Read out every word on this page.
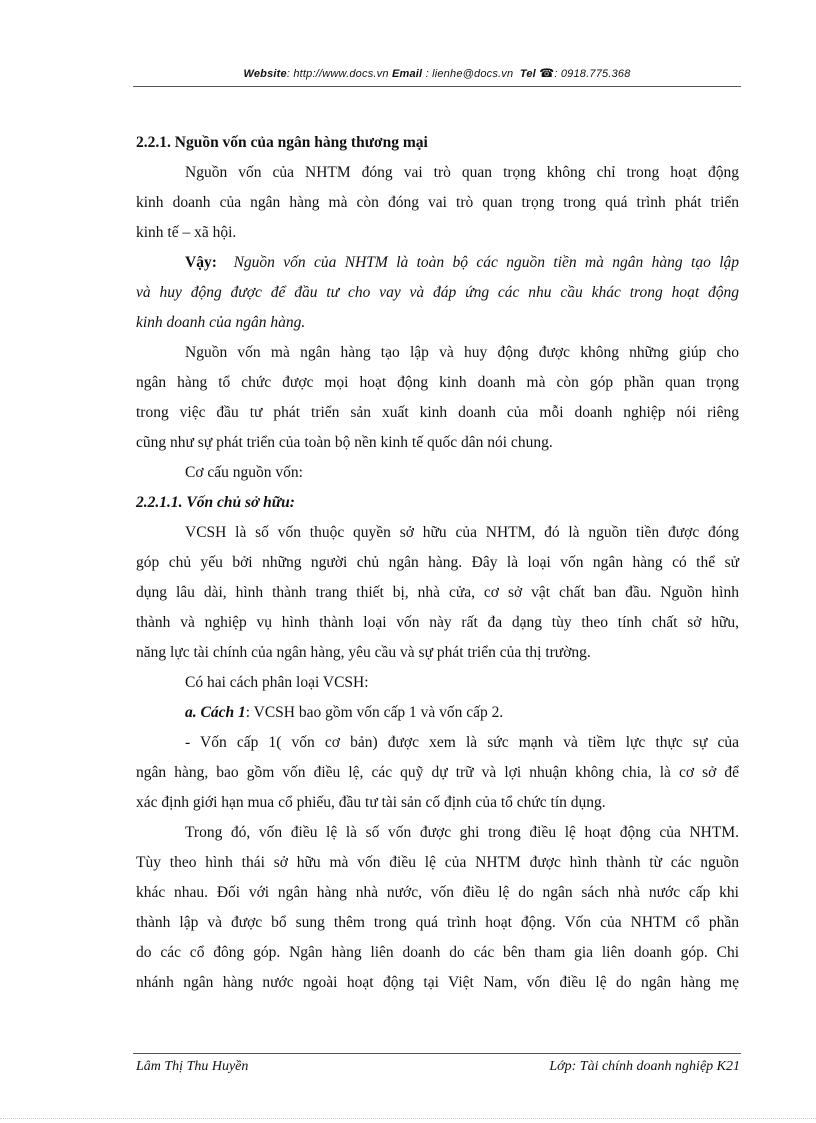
Website: http://www.docs.vn Email : lienhe@docs.vn Tel ☎: 0918.775.368
2.2.1. Nguồn vốn của ngân hàng thương mại
Nguồn vốn của NHTM đóng vai trò quan trọng không chỉ trong hoạt động
kinh doanh của ngân hàng mà còn đóng vai trò quan trọng trong quá trình phát triển
kinh tế – xã hội.
Vậy: Nguồn vốn của NHTM là toàn bộ các nguồn tiền mà ngân hàng tạo lập
và huy động được để đầu tư cho vay và đáp ứng các nhu cầu khác trong hoạt động
kinh doanh của ngân hàng.
Nguồn vốn mà ngân hàng tạo lập và huy động được không những giúp cho
ngân hàng tổ chức được mọi hoạt động kinh doanh mà còn góp phần quan trọng
trong việc đầu tư phát triển sản xuất kinh doanh của mỗi doanh nghiệp nói riêng
cũng như sự phát triển của toàn bộ nền kinh tế quốc dân nói chung.
Cơ cấu nguồn vốn:
2.2.1.1. Vốn chủ sở hữu:
VCSH là số vốn thuộc quyền sở hữu của NHTM, đó là nguồn tiền được đóng
góp chủ yếu bởi những người chủ ngân hàng. Đây là loại vốn ngân hàng có thể sử
dụng lâu dài, hình thành trang thiết bị, nhà cửa, cơ sở vật chất ban đầu. Nguồn hình
thành và nghiệp vụ hình thành loại vốn này rất đa dạng tùy theo tính chất sở hữu,
năng lực tài chính của ngân hàng, yêu cầu và sự phát triển của thị trường.
Có hai cách phân loại VCSH:
a. Cách 1: VCSH bao gồm vốn cấp 1 và vốn cấp 2.
- Vốn cấp 1( vốn cơ bản) được xem là sức mạnh và tiềm lực thực sự của
ngân hàng, bao gồm vốn điều lệ, các quỹ dự trữ và lợi nhuận không chia, là cơ sở để
xác định giới hạn mua cổ phiếu, đầu tư tài sản cố định của tổ chức tín dụng.
Trong đó, vốn điều lệ là số vốn được ghi trong điều lệ hoạt động của NHTM.
Tùy theo hình thái sở hữu mà vốn điều lệ của NHTM được hình thành từ các nguồn
khác nhau. Đối với ngân hàng nhà nước, vốn điều lệ do ngân sách nhà nước cấp khi
thành lập và được bổ sung thêm trong quá trình hoạt động. Vốn của NHTM cổ phần
do các cổ đông góp. Ngân hàng liên doanh do các bên tham gia liên doanh góp. Chi
nhánh ngân hàng nước ngoài hoạt động tại Việt Nam, vốn điều lệ do ngân hàng mẹ
Lâm Thị Thu Huyền	Lớp: Tài chính doanh nghiệp K21
